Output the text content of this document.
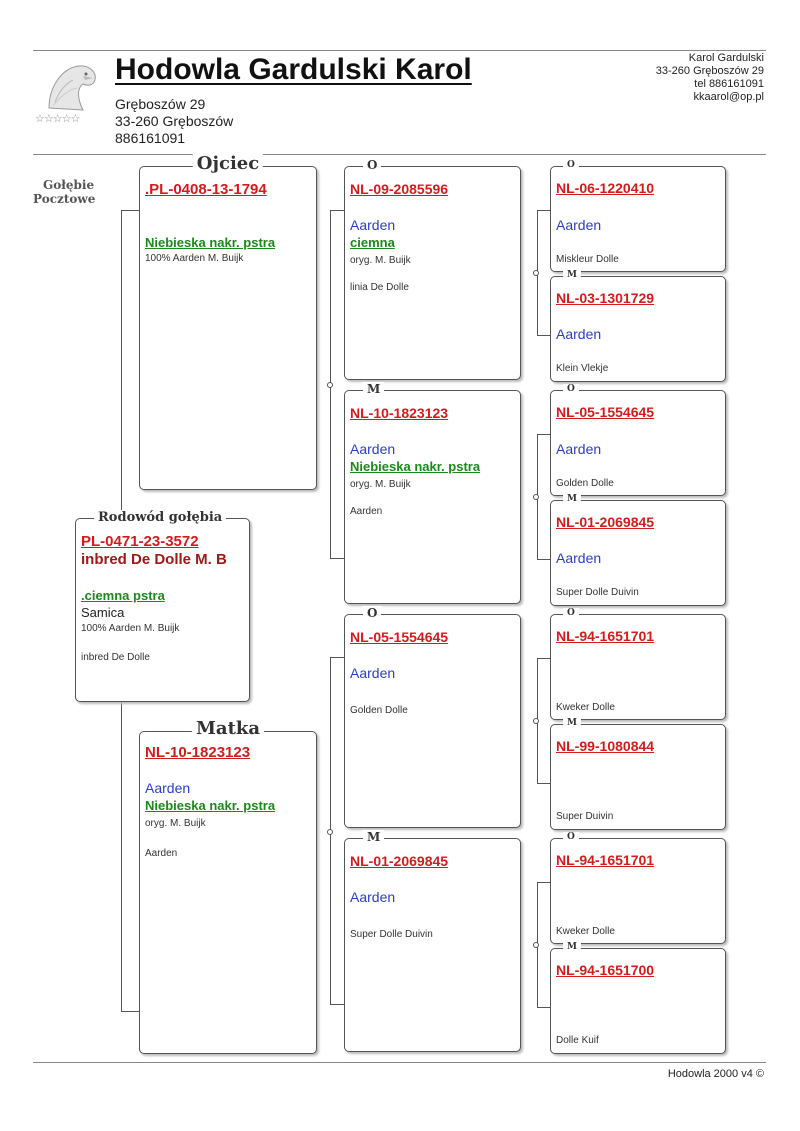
☆☆☆☆☆
Gołębie
Pocztowe
Hodowla Gardulski Karol
Gręboszów 29
33-260 Gręboszów
886161091
Karol Gardulski
33-260 Gręboszów 29
tel 886161091
kkaarol@op.pl
Rodowód gołębia
PL-0471-23-3572
inbred De Dolle M. B
.ciemna pstra
Samica
100% Aarden M. Buijk
inbred De Dolle
Ojciec
.PL-0408-13-1794
Niebieska nakr. pstra
100% Aarden M. Buijk
Matka
NL-10-1823123
Aarden
Niebieska nakr. pstra
oryg. M. Buijk
Aarden
O
NL-09-2085596
Aarden
ciemna
oryg. M. Buijk
linia De Dolle
M
NL-10-1823123
Aarden
Niebieska nakr. pstra
oryg. M. Buijk
Aarden
O
NL-05-1554645
Aarden
Golden Dolle
M
NL-01-2069845
Aarden
Super Dolle Duivin
O
NL-06-1220410
Aarden
Miskleur Dolle
M
NL-03-1301729
Aarden
Klein Vlekje
O
NL-05-1554645
Aarden
Golden Dolle
M
NL-01-2069845
Aarden
Super Dolle Duivin
O
NL-94-1651701
Kweker Dolle
M
NL-99-1080844
Super Duivin
O
NL-94-1651701
Kweker Dolle
M
NL-94-1651700
Dolle Kuif
Hodowla 2000 v4 ©
